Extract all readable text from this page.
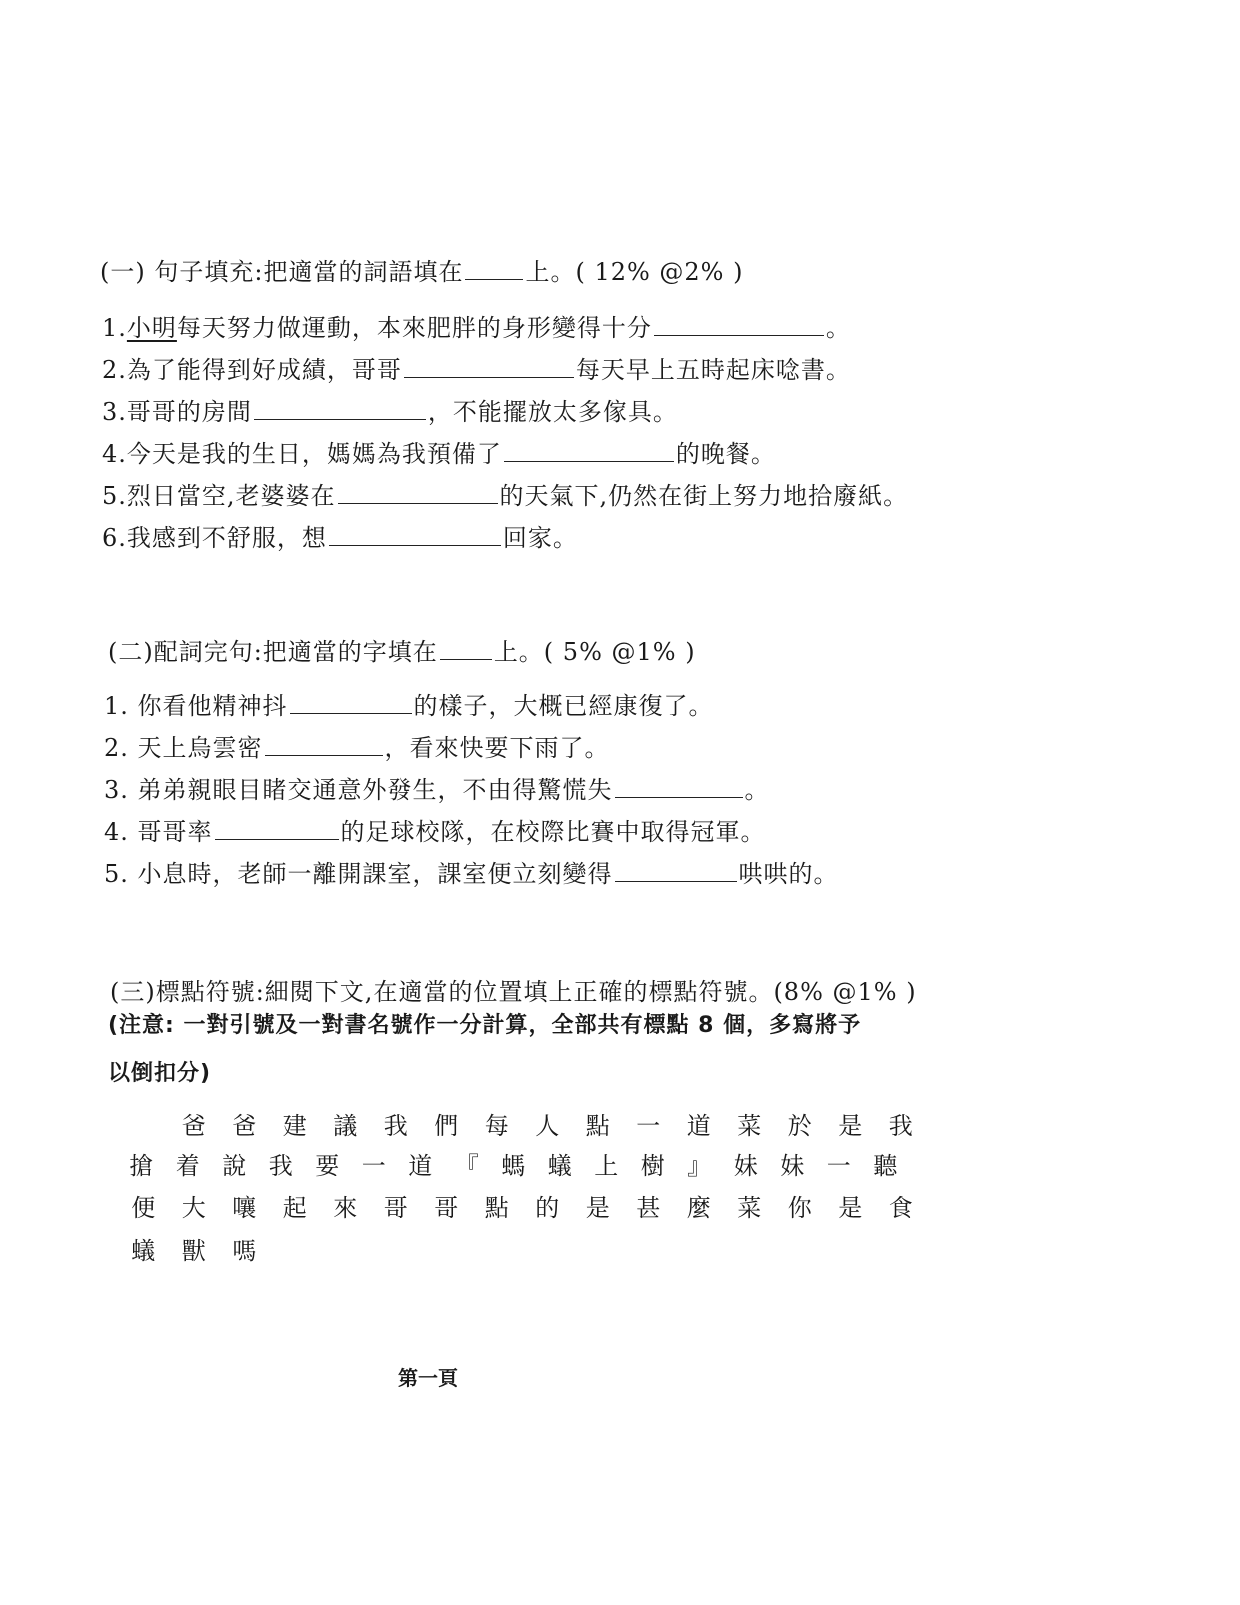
(一) 句子填充:把適當的詞語填在	上。( 12% @2% )
1.小明每天努力做運動，本來肥胖的身形變得十分	。
2.為了能得到好成績，哥哥	每天早上五時起床唸書。
3.哥哥的房間	，不能擺放太多傢具。
4.今天是我的生日，媽媽為我預備了	的晚餐。
5.烈日當空,老婆婆在	的天氣下,仍然在街上努力地拾廢紙。
6.我感到不舒服，想	回家。
(二)配詞完句:把適當的字填在 上。( 5% @1% )
1. 你看他精神抖	的樣子，大概已經康復了。
2. 天上烏雲密	，看來快要下雨了。
3. 弟弟親眼目睹交通意外發生，不由得驚慌失	。
4. 哥哥率	的足球校隊，在校際比賽中取得冠軍。
5. 小息時，老師一離開課室，課室便立刻變得	哄哄的。
(三)標點符號:細閱下文,在適當的位置填上正確的標點符號。(8% @1% )
(注意: 一對引號及一對書名號作一分計算，全部共有標點 8 個，多寫將予
以倒扣分)
爸	爸	建	議	我	們	每	人	點	一	道	菜	於	是	我
搶 着 說 我 要 一 道 『 螞 蟻 上 樹 』 妹 妹 一 聽
便	大	嚷	起	來	哥	哥	點	的	是	甚	麼	菜	你	是	食
蟻	獸	嗎
第一頁
